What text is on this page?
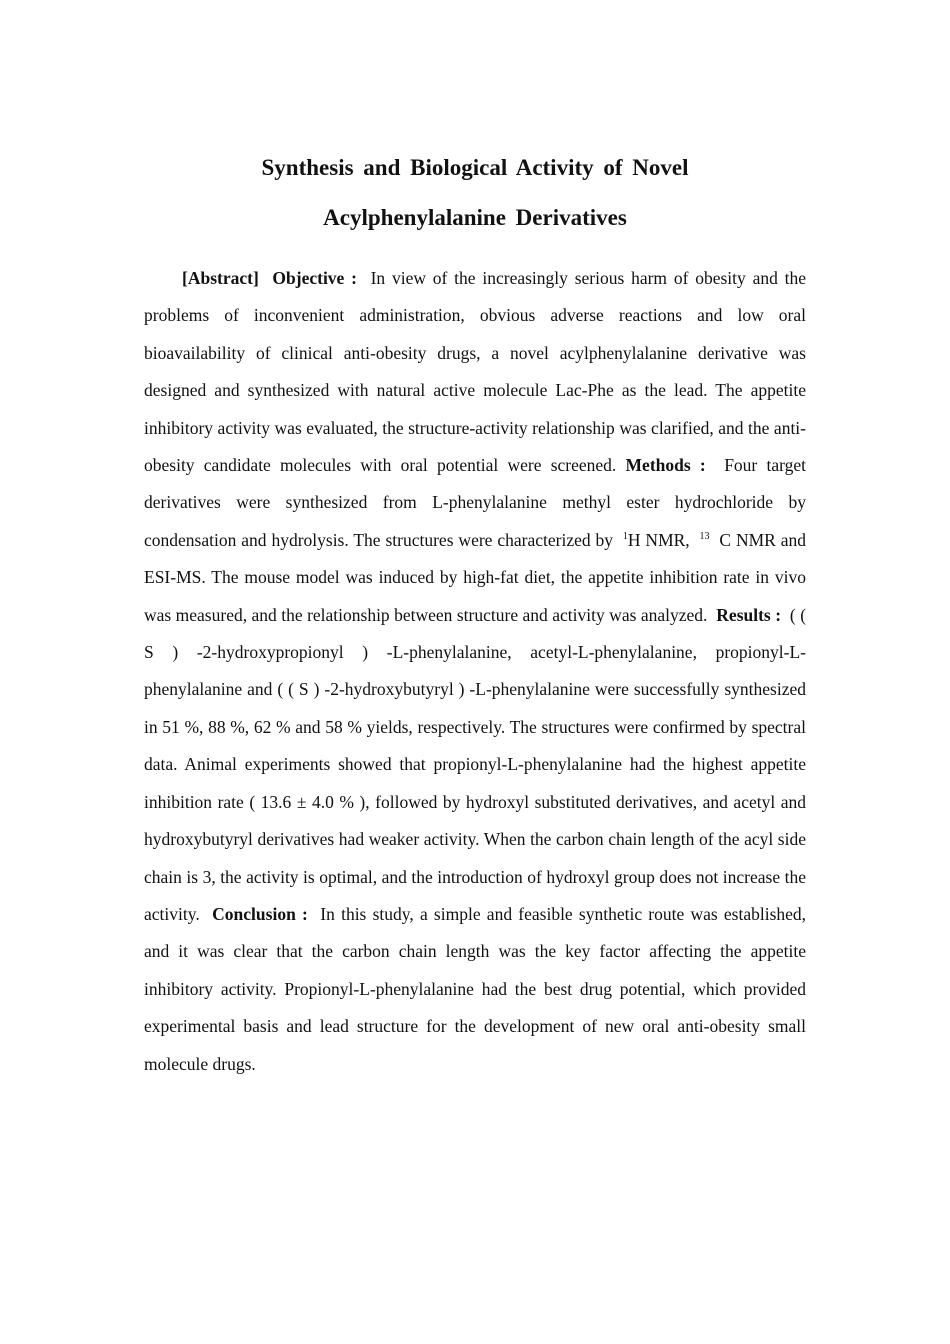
Synthesis and Biological Activity of Novel
Acylphenylalanine Derivatives

[Abstract] Objective : In view of the increasingly serious harm of obesity and the problems of inconvenient administration, obvious adverse reactions and low oral bioavailability of clinical anti-obesity drugs, a novel acylphenylalanine derivative was designed and synthesized with natural active molecule Lac-Phe as the lead. The appetite inhibitory activity was evaluated, the structure-activity relationship was clarified, and the anti-obesity candidate molecules with oral potential were screened. Methods : Four target derivatives were synthesized from L-phenylalanine methyl ester hydrochloride by condensation and hydrolysis. The structures were characterized by $^1$H NMR, $^{13}$ C NMR and ESI-MS. The mouse model was induced by high-fat diet, the appetite inhibition rate in vivo was measured, and the relationship between structure and activity was analyzed. Results : ( ( S ) -2-hydroxypropionyl ) -L-phenylalanine, acetyl-L-phenylalanine, propionyl-L-phenylalanine and ( ( S ) -2-hydroxybutyryl ) -L-phenylalanine were successfully synthesized in 51 %, 88 %, 62 % and 58 % yields, respectively. The structures were confirmed by spectral data. Animal experiments showed that propionyl-L-phenylalanine had the highest appetite inhibition rate ( 13.6 ± 4.0 % ), followed by hydroxyl substituted derivatives, and acetyl and hydroxybutyryl derivatives had weaker activity. When the carbon chain length of the acyl side chain is 3, the activity is optimal, and the introduction of hydroxyl group does not increase the activity. Conclusion : In this study, a simple and feasible synthetic route was established, and it was clear that the carbon chain length was the key factor affecting the appetite inhibitory activity. Propionyl-L-phenylalanine had the best drug potential, which provided experimental basis and lead structure for the development of new oral anti-obesity small molecule drugs.
